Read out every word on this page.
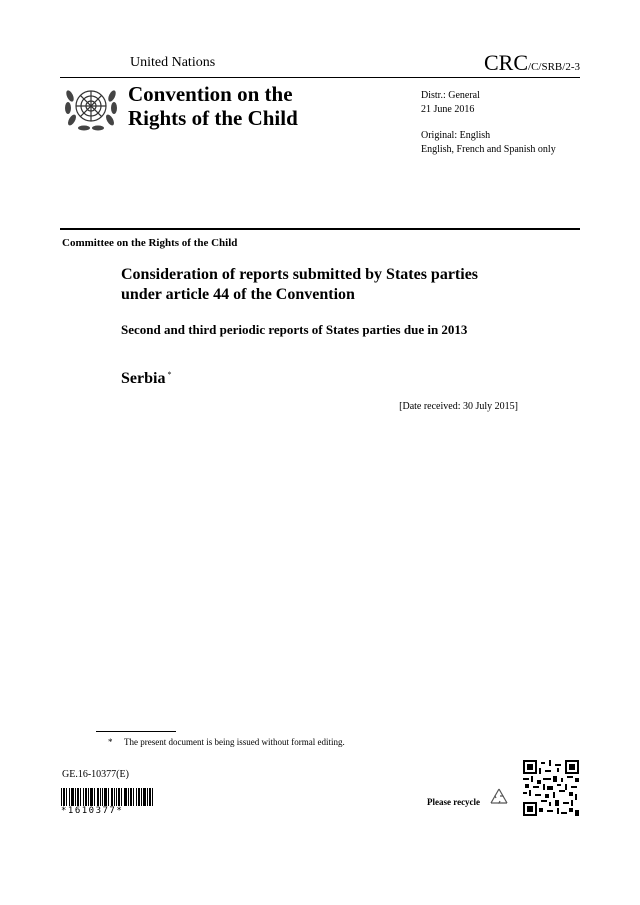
United Nations	CRC/C/SRB/2-3
Convention on the
Rights of the Child
Distr.: General
21 June 2016
Original: English
English, French and Spanish only
Committee on the Rights of the Child
Consideration of reports submitted by States parties under article 44 of the Convention
Second and third periodic reports of States parties due in 2013
Serbia *
[Date received: 30 July 2015]
* The present document is being issued without formal editing.
GE.16-10377(E)
*1610377*
Please recycle
